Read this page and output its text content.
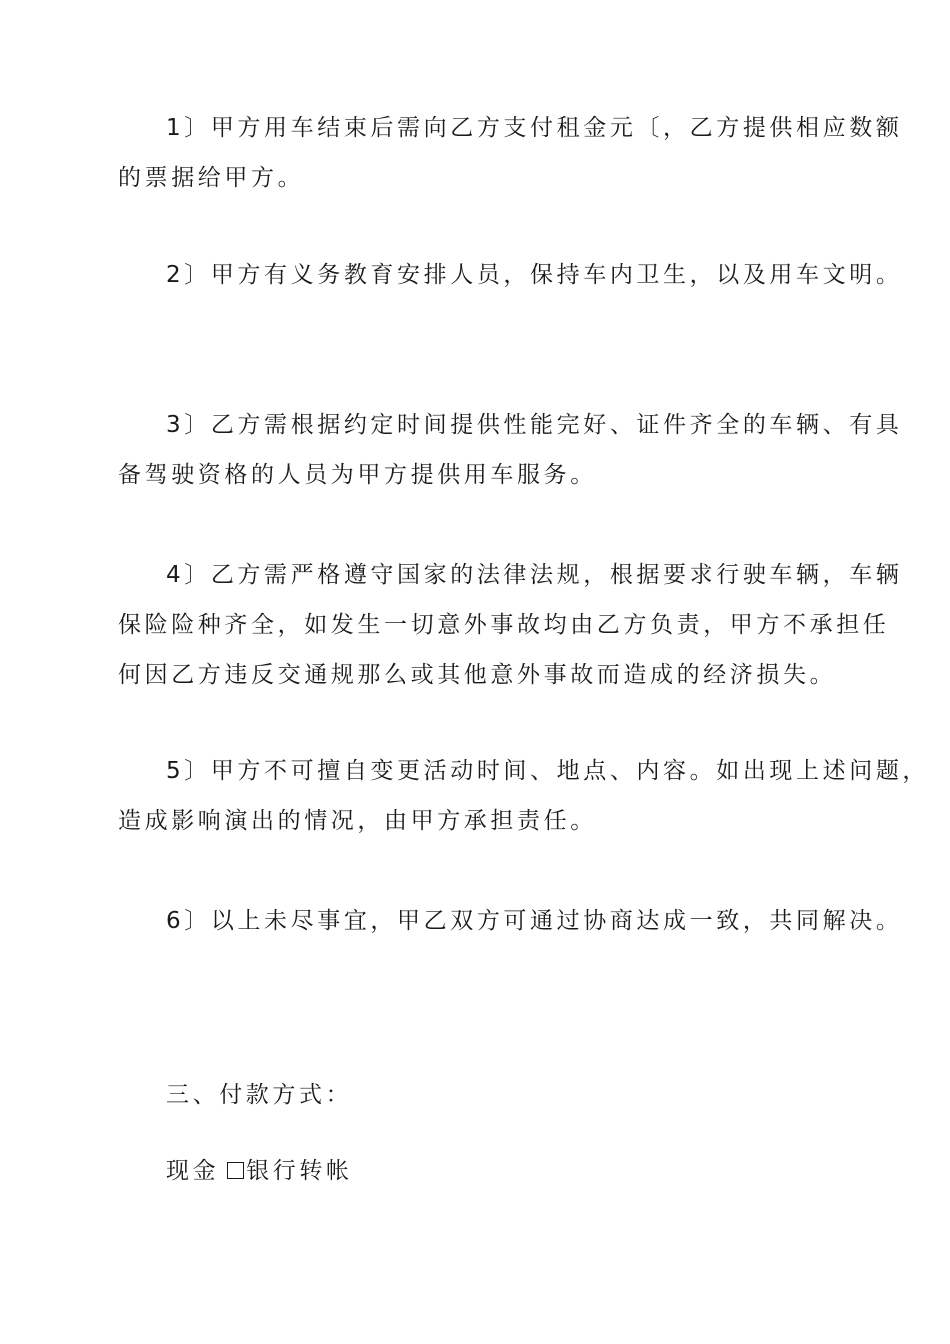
1〕甲方用车结束后需向乙方支付租金元〔，乙方提供相应数额
的票据给甲方。

2〕甲方有义务教育安排人员，保持车内卫生，以及用车文明。

3〕乙方需根据约定时间提供性能完好、证件齐全的车辆、有具
备驾驶资格的人员为甲方提供用车服务。

4〕乙方需严格遵守国家的法律法规，根据要求行驶车辆，车辆
保险险种齐全，如发生一切意外事故均由乙方负责，甲方不承担任
何因乙方违反交通规那么或其他意外事故而造成的经济损失。

5〕甲方不可擅自变更活动时间、地点、内容。如出现上述问题，
造成影响演出的情况，由甲方承担责任。

6〕以上未尽事宜，甲乙双方可通过协商达成一致，共同解决。

三、付款方式：

现金 银行转帐
